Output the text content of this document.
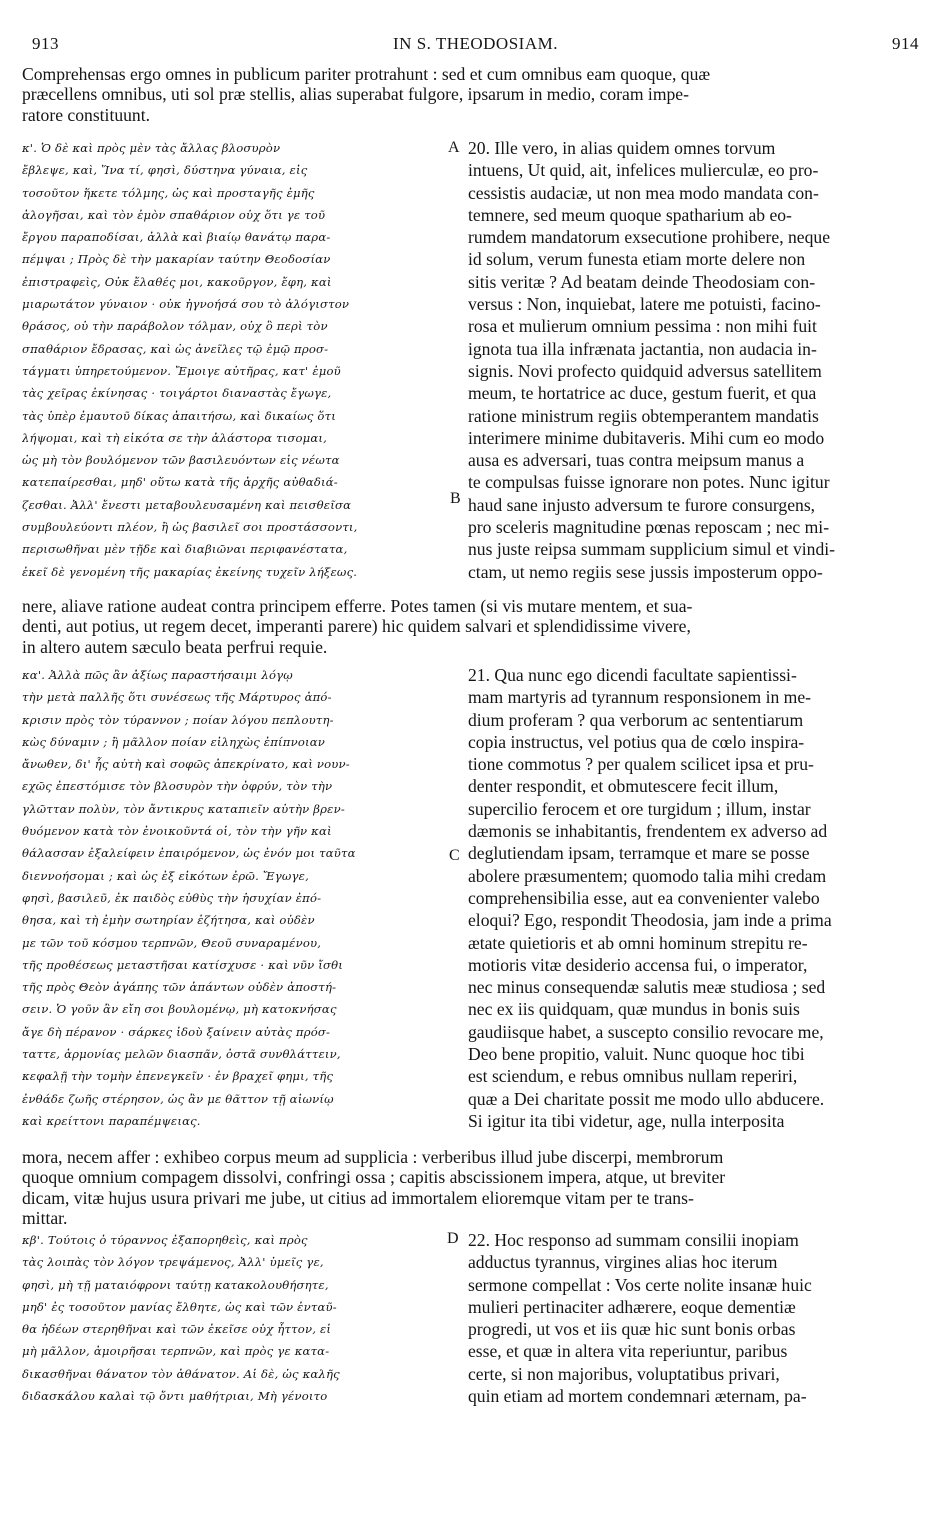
913	IN S. THEODOSIAM.	914
Comprehensas ergo omnes in publicum pariter protrahunt : sed et cum omnibus eam quoque, quæ
præcellens omnibus, uti sol præ stellis, alias superabat fulgore, ipsarum in medio, coram impe-
ratore constituunt.
κ'. Ὁ δὲ καὶ πρὸς μὲν τὰς ἄλλας βλοσυρὸν
ἔβλεψε, καὶ, Ἵνα τί, φησὶ, δύστηνα γύναια, εἰς
τοσοῦτον ἥκετε τόλμης, ὡς καὶ προσταγῆς ἐμῆς
ἀλογῆσαι, καὶ τὸν ἐμὸν σπαθάριον οὐχ ὅτι γε τοῦ
ἔργου παραποδίσαι, ἀλλὰ καὶ βιαίῳ θανάτῳ παρα-
πέμψαι ; Πρὸς δὲ τὴν μακαρίαν ταύτην Θεοδοσίαν
ἐπιστραφεὶς, Οὐκ ἔλαθές μοι, κακοῦργον, ἔφη, καὶ
μιαρωτάτον γύναιον · οὐκ ἠγνοήσά σου τὸ ἀλόγιστον
θράσος, οὐ τὴν παράβολον τόλμαν, οὐχ ὃ περὶ τὸν
σπαθάριον ἔδρασας, καὶ ὡς ἀνεῖλες τῷ ἐμῷ προσ-
τάγματι ὑπηρετούμενον. Ἔμοιγε αὐτῆρας, κατ' ἐμοῦ
τὰς χεῖρας ἐκίνησας · τοιγάρτοι διαναστὰς ἔγωγε,
τὰς ὑπὲρ ἐμαυτοῦ δίκας ἀπαιτήσω, καὶ δικαίως ὅτι
λήψομαι, καὶ τὴ εἰκότα σε τὴν ἀλάστορα τισομαι,
ὡς μὴ τὸν βουλόμενον τῶν βασιλευόντων εἰς νέωτα
κατεπαίρεσθαι, μηδ' οὕτω κατὰ τῆς ἀρχῆς αὐθαδιά-
ζεσθαι. Ἀλλ' ἔνεστι μεταβουλευσαμένη καὶ πεισθεῖσα
συμβουλεύοντι πλέον, ἢ ὡς βασιλεῖ σοι προστάσσοντι,
περισωθῆναι μὲν τῇδε καὶ διαβιῶναι περιφανέστατα,
ἐκεῖ δὲ γενομένη τῆς μακαρίας ἐκείνης τυχεῖν λήξεως.
20. Ille vero, in alias quidem omnes torvum
intuens, Ut quid, ait, infelices mulierculæ, eo pro-
cessistis audaciæ, ut non mea modo mandata con-
temnere, sed meum quoque spatharium ab eo-
rumdem mandatorum exsecutione prohibere, neque
id solum, verum funesta etiam morte delere non
sitis veritæ ? Ad beatam deinde Theodosiam con-
versus : Non, inquiebat, latere me potuisti, facino-
rosa et mulierum omnium pessima : non mihi fuit
ignota tua illa infrænata jactantia, non audacia in-
signis. Novi profecto quidquid adversus satellitem
meum, te hortatrice ac duce, gestum fuerit, et qua
ratione ministrum regiis obtemperantem mandatis
interimere minime dubitaveris. Mihi cum eo modo
ausa es adversari, tuas contra meipsum manus a
te compulsas fuisse ignorare non potes. Nunc igitur
haud sane injusto adversum te furore consurgens,
pro sceleris magnitudine pœnas reposcam ; nec mi-
nus juste reipsa summam supplicium simul et vindi-
ctam, ut nemo regiis sese jussis imposterum oppo-
nere, aliave ratione audeat contra principem efferre. Potes tamen (si vis mutare mentem, et sua-
denti, aut potius, ut regem decet, imperanti parere) hic quidem salvari et splendidissime vivere,
in altero autem sæculo beata perfrui requie.
κα'. Ἀλλὰ πῶς ἂν ἀξίως παραστήσαιμι λόγῳ
τὴν μετὰ παλλῆς ὅτι συνέσεως τῆς Μάρτυρος ἀπό-
κρισιν πρὸς τὸν τύραννον ; ποίαν λόγου πεπλουτη-
κὼς δύναμιν ; ἢ μᾶλλον ποίαν εἰληχὼς ἐπίπνοιαν
ἄνωθεν, δι' ἧς αὐτὴ καὶ σοφῶς ἀπεκρίνατο, καὶ νουν-
εχῶς ἐπεστόμισε τὸν βλοσυρὸν τὴν ὀφρύν, τὸν τὴν
γλῶτταν πολὺν, τὸν ἄντικρυς καταπιεῖν αὐτὴν βρεν-
θυόμενον κατὰ τὸν ἐνοικοῦντά οἱ, τὸν τὴν γῆν καὶ
θάλασσαν ἐξαλείφειν ἐπαιρόμενον, ὡς ἐνόν μοι ταῦτα
διεννοήσομαι ; καὶ ὡς ἐξ εἰκότων ἐρῶ. Ἔγωγε,
φησὶ, βασιλεῦ, ἐκ παιδὸς εὐθὺς τὴν ἡσυχίαν ἐπό-
θησα, καὶ τὴ ἐμὴν σωτηρίαν ἐζήτησα, καὶ οὐδὲν
με τῶν τοῦ κόσμου τερπνῶν, Θεοῦ συναραμένου,
τῆς προθέσεως μεταστῆσαι κατίσχυσε · καὶ νῦν ἴσθι
τῆς πρὸς Θεὸν ἀγάπης τῶν ἁπάντων οὐδὲν ἀποστή-
σειν. Ὁ γοῦν ἂν εἴη σοι βουλομένῳ, μὴ κατοκνήσας
ἄγε δὴ πέρανον · σάρκες ἰδοὺ ξαίνειν αὐτὰς πρόσ-
ταττε, ἁρμονίας μελῶν διασπᾶν, ὀστᾶ συνθλάττειν,
κεφαλῇ τὴν τομὴν ἐπενεγκεῖν · ἐν βραχεῖ φημι, τῆς
ἐνθάδε ζωῆς στέρησον, ὡς ἂν με θᾶττον τῇ αἰωνίῳ
καὶ κρείττονι παραπέμψειας.
21. Qua nunc ego dicendi facultate sapientissi-
mam martyris ad tyrannum responsionem in me-
dium proferam ? qua verborum ac sententiarum
copia instructus, vel potius qua de cœlo inspira-
tione commotus ? per qualem scilicet ipsa et pru-
denter respondit, et obmutescere fecit illum,
supercilio ferocem et ore turgidum ; illum, instar
dæmonis se inhabitantis, frendentem ex adverso ad
deglutiendam ipsam, terramque et mare se posse
abolere præsumentem; quomodo talia mihi credam
comprehensibilia esse, aut ea convenienter valebo
eloqui? Ego, respondit Theodosia, jam inde a prima
ætate quietioris et ab omni hominum strepitu re-
motioris vitæ desiderio accensa fui, o imperator,
nec minus consequendæ salutis meæ studiosa ; sed
nec ex iis quidquam, quæ mundus in bonis suis
gaudiisque habet, a suscepto consilio revocare me,
Deo bene propitio, valuit. Nunc quoque hoc tibi
est sciendum, e rebus omnibus nullam reperiri,
quæ a Dei charitate possit me modo ullo abducere.
Si igitur ita tibi videtur, age, nulla interposita
mora, necem affer : exhibeo corpus meum ad supplicia : verberibus illud jube discerpi, membrorum
quoque omnium compagem dissolvi, confringi ossa ; capitis abscissionem impera, atque, ut breviter
dicam, vitæ hujus usura privari me jube, ut citius ad immortalem elioremque vitam per te trans-
mittar.
κβ'. Τούτοις ὁ τύραννος ἐξαπορηθεὶς, καὶ πρὸς
τὰς λοιπὰς τὸν λόγον τρεψάμενος, Ἀλλ' ὑμεῖς γε,
φησὶ, μὴ τῇ ματαιόφρονι ταύτῃ κατακολουθήσητε,
μηδ' ἐς τοσοῦτον μανίας ἔλθητε, ὡς καὶ τῶν ἐνταῦ-
θα ἡδέων στερηθῆναι καὶ τῶν ἐκεῖσε οὐχ ἧττον, εἰ
μὴ μᾶλλον, ἀμοιρῆσαι τερπνῶν, καὶ πρὸς γε κατα-
δικασθῆναι θάνατον τὸν ἀθάνατον. Αἱ δὲ, ὡς καλῆς
διδασκάλου καλαὶ τῷ ὄντι μαθήτριαι, Μὴ γένοιτο
22. Hoc responso ad summam consilii inopiam
adductus tyrannus, virgines alias hoc iterum
sermone compellat : Vos certe nolite insanæ huic
mulieri pertinaciter adhærere, eoque dementiæ
progredi, ut vos et iis quæ hic sunt bonis orbas
esse, et quæ in altera vita reperiuntur, paribus
certe, si non majoribus, voluptatibus privari,
quin etiam ad mortem condemnari æternam, pa-
A
B
C
D
